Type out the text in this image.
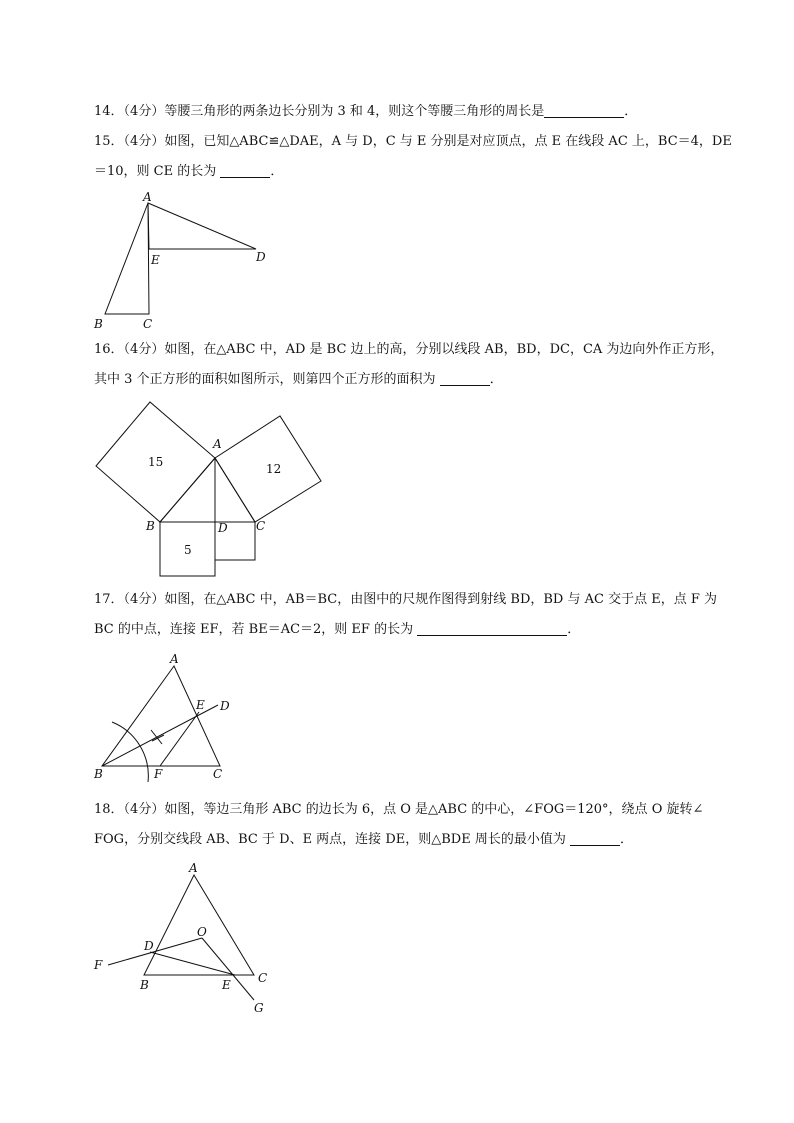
14．（4分）等腰三角形的两条边长分别为 3 和 4，则这个等腰三角形的周长是	．
15．（4分）如图，已知△ABC≌△DAE，A 与 D，C 与 E 分别是对应顶点，点 E 在线段 AC 上，BC＝4，DE
＝10，则 CE 的长为	．
A
E	D
B	C
16．（4分）如图，在△ABC 中，AD 是 BC 边上的高，分别以线段 AB，BD，DC，CA 为边向外作正方形，
其中 3 个正方形的面积如图所示，则第四个正方形的面积为	．
15	12
5
A
B	D C
17．（4分）如图，在△ABC 中，AB＝BC，由图中的尺规作图得到射线 BD，BD 与 AC 交于点 E，点 F 为
BC 的中点，连接 EF，若 BE＝AC＝2，则 EF 的长为	．
A
E D
B	F	C
18．（4分）如图，等边三角形 ABC 的边长为 6，点 O 是△ABC 的中心，∠FOG＝120°，绕点 O 旋转∠
FOG，分别交线段 AB、BC 于 D、E 两点，连接 DE，则△BDE 周长的最小值为	．
A
O
D
F
B	E C
G
